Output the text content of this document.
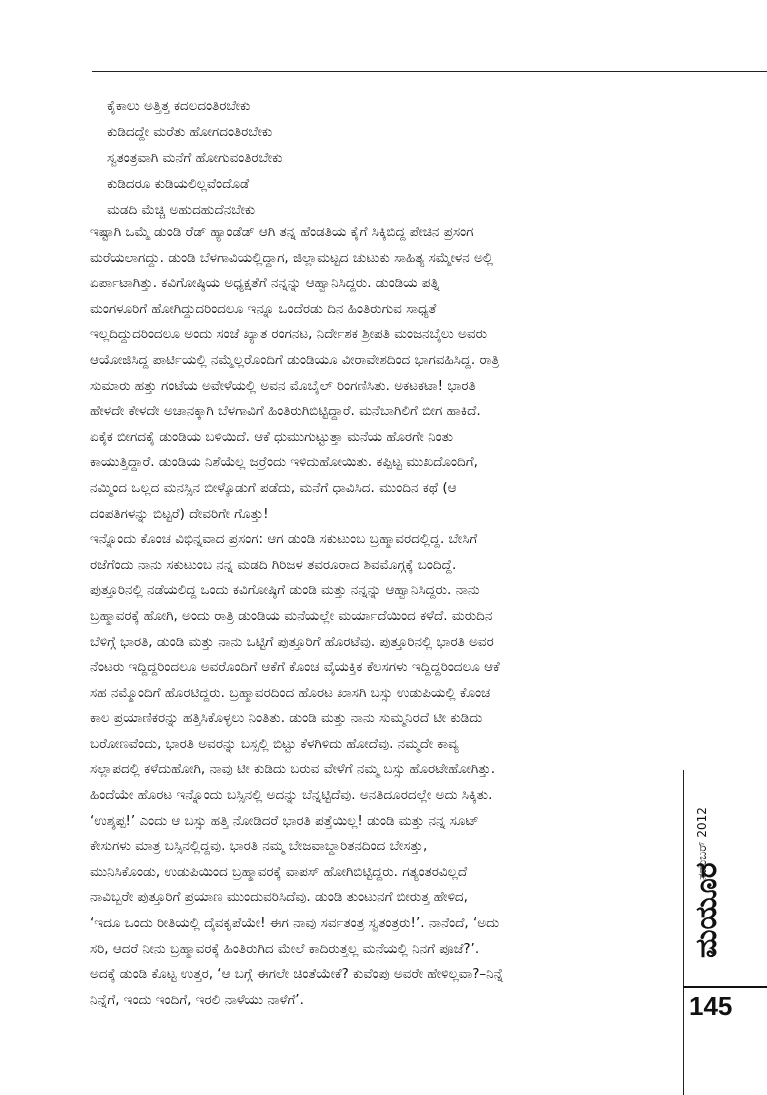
ಕೈಕಾಲು ಅತ್ತಿತ್ತ ಕದಲದಂತಿರಬೇಕು
ಕುಡಿದದ್ದೇ ಮರೆತು ಹೋಗದಂತಿರಬೇಕು
ಸ್ವತಂತ್ರವಾಗಿ ಮನೆಗೆ ಹೋಗುವಂತಿರಬೇಕು
ಕುಡಿದರೂ ಕುಡಿಯಲಿಲ್ಲವೆಂದೊಡೆ
ಮಡದಿ ಮೆಚ್ಚಿ ಅಹುದಹುದೆನಬೇಕು
ಇಷ್ಟಾಗಿ ಒಮ್ಮೆ ಡುಂಡಿ ರೆಡ್ ಹ್ಯಾಂಡೆಡ್ ಆಗಿ ತನ್ನ ಹೆಂಡತಿಯ ಕೈಗೆ ಸಿಕ್ಕಿಬಿದ್ದ ಪೇಚಿನ ಪ್ರಸಂಗ
ಮರೆಯಲಾಗದ್ದು. ಡುಂಡಿ ಬೆಳಗಾವಿಯಲ್ಲಿದ್ದಾಗ, ಜಿಲ್ಲಾಮಟ್ಟದ ಚುಟುಕು ಸಾಹಿತ್ಯ ಸಮ್ಮೇಳನ ಅಲ್ಲಿ
ಏರ್ಪಾಟಾಗಿತ್ತು. ಕವಿಗೋಷ್ಠಿಯ ಅಧ್ಯಕ್ಷತೆಗೆ ನನ್ನನ್ನು ಆಹ್ವಾನಿಸಿದ್ದರು. ಡುಂಡಿಯ ಪತ್ನಿ
ಮಂಗಳೂರಿಗೆ ಹೋಗಿದ್ದುದರಿಂದಲೂ ಇನ್ನೂ ಒಂದೆರಡು ದಿನ ಹಿಂತಿರುಗುವ ಸಾಧ್ಯತೆ
ಇಲ್ಲದಿದ್ದುದರಿಂದಲೂ ಅಂದು ಸಂಜೆ ಖ್ಯಾತ ರಂಗನಟ, ನಿರ್ದೇಶಕ ಶ್ರೀಪತಿ ಮಂಜನಬೈಲು ಅವರು
ಆಯೋಜಿಸಿದ್ದ ಪಾರ್ಟಿಯಲ್ಲಿ ನಮ್ಮೆಲ್ಲರೊಂದಿಗೆ ಡುಂಡಿಯೂ ವೀರಾವೇಶದಿಂದ ಭಾಗವಹಿಸಿದ್ದ. ರಾತ್ರಿ
ಸುಮಾರು ಹತ್ತು ಗಂಟೆಯ ಅವೇಳೆಯಲ್ಲಿ ಅವನ ಮೊಬೈಲ್ ರಿಂಗಣಿಸಿತು. ಅಕಟಕಟಾ! ಭಾರತಿ
ಹೇಳದೇ ಕೇಳದೇ ಅಚಾನಕ್ಕಾಗಿ ಬೆಳಗಾವಿಗೆ ಹಿಂತಿರುಗಿಬಿಟ್ಟಿದ್ದಾರೆ. ಮನೆಬಾಗಿಲಿಗೆ ಬೀಗ ಹಾಕಿದೆ.
ಏಕೈಕ ಬೀಗದಕೈ ಡುಂಡಿಯ ಬಳಿಯಿದೆ. ಆಕೆ ಧುಮುಗುಟ್ಟುತ್ತಾ ಮನೆಯ ಹೊರಗೇ ನಿಂತು
ಕಾಯುತ್ತಿದ್ದಾರೆ. ಡುಂಡಿಯ ನಿಶೆಯೆಲ್ಲ ಜರ್ರೆಂದು ಇಳಿದುಹೋಯಿತು. ಕಪ್ಪಿಟ್ಟ ಮುಖದೊಂದಿಗೆ,
ನಮ್ಮಿಂದ ಒಲ್ಲದ ಮನಸ್ಸಿನ ಬೀಳ್ಕೊಡುಗೆ ಪಡೆದು, ಮನೆಗೆ ಧಾವಿಸಿದ. ಮುಂದಿನ ಕಥೆ (ಆ
ದಂಪತಿಗಳನ್ನು ಬಿಟ್ಟರೆ) ದೇವರಿಗೇ ಗೊತ್ತು!
ಇನ್ನೊಂದು ಕೊಂಚ ವಿಭಿನ್ನವಾದ ಪ್ರಸಂಗ: ಆಗ ಡುಂಡಿ ಸಕುಟುಂಬ ಬ್ರಹ್ಮಾವರದಲ್ಲಿದ್ದ. ಬೇಸಿಗೆ
ರಜೆಗೆಂದು ನಾನು ಸಕುಟುಂಬ ನನ್ನ ಮಡದಿ ಗಿರಿಜಳ ತವರೂರಾದ ಶಿವಮೊಗ್ಗಕ್ಕೆ ಬಂದಿದ್ದೆ.
ಪುತ್ತೂರಿನಲ್ಲಿ ನಡೆಯಲಿದ್ದ ಒಂದು ಕವಿಗೋಷ್ಠಿಗೆ ಡುಂಡಿ ಮತ್ತು ನನ್ನನ್ನು ಆಹ್ವಾನಿಸಿದ್ದರು. ನಾನು
ಬ್ರಹ್ಮಾವರಕ್ಕೆ ಹೋಗಿ, ಅಂದು ರಾತ್ರಿ ಡುಂಡಿಯ ಮನೆಯಲ್ಲೇ ಮರ್ಯಾದೆಯಿಂದ ಕಳೆದೆ. ಮರುದಿನ
ಬೆಳಿಗ್ಗೆ ಭಾರತಿ, ಡುಂಡಿ ಮತ್ತು ನಾನು ಒಟ್ಟಿಗೆ ಪುತ್ತೂರಿಗೆ ಹೊರಟೆವು. ಪುತ್ತೂರಿನಲ್ಲಿ ಭಾರತಿ ಅವರ
ನೆಂಟರು ಇದ್ದಿದ್ದರಿಂದಲೂ ಅವರೊಂದಿಗೆ ಆಕೆಗೆ ಕೊಂಚ ವೈಯಕ್ತಿಕ ಕೆಲಸಗಳು ಇದ್ದಿದ್ದರಿಂದಲೂ ಆಕೆ
ಸಹ ನಮ್ಮೊಂದಿಗೆ ಹೊರಟಿದ್ದರು. ಬ್ರಹ್ಮಾವರದಿಂದ ಹೊರಟ ಖಾಸಗಿ ಬಸ್ಸು ಉಡುಪಿಯಲ್ಲಿ ಕೊಂಚ
ಕಾಲ ಪ್ರಯಾಣಿಕರನ್ನು ಹತ್ತಿಸಿಕೊಳ್ಳಲು ನಿಂತಿತು. ಡುಂಡಿ ಮತ್ತು ನಾನು ಸುಮ್ಮನಿರದೆ ಟೀ ಕುಡಿದು
ಬರೋಣವೆಂದು, ಭಾರತಿ ಅವರನ್ನು ಬಸ್ಸಲ್ಲಿ ಬಿಟ್ಟು ಕೆಳಗಿಳಿದು ಹೋದೆವು. ನಮ್ಮದೇ ಕಾವ್ಯ
ಸಲ್ಲಾಪದಲ್ಲಿ ಕಳೆದುಹೋಗಿ, ನಾವು ಟೀ ಕುಡಿದು ಬರುವ ವೇಳೆಗೆ ನಮ್ಮ ಬಸ್ಸು ಹೊರಟೇಹೋಗಿತ್ತು.
ಹಿಂದೆಯೇ ಹೊರಟ ಇನ್ನೊಂದು ಬಸ್ಸಿನಲ್ಲಿ ಅದನ್ನು ಬೆನ್ನಟ್ಟಿದೆವು. ಅನತಿದೂರದಲ್ಲೇ ಅದು ಸಿಕ್ಕಿತು.
‘ಉಶ್ಶಪ್ಪ!’ ಎಂದು ಆ ಬಸ್ಸು ಹತ್ತಿ ನೋಡಿದರೆ ಭಾರತಿ ಪತ್ತೆಯಿಲ್ಲ! ಡುಂಡಿ ಮತ್ತು ನನ್ನ ಸೂಟ್
ಕೇಸುಗಳು ಮಾತ್ರ ಬಸ್ಸಿನಲ್ಲಿದ್ದವು. ಭಾರತಿ ನಮ್ಮ ಬೇಜವಾಬ್ದಾರಿತನದಿಂದ ಬೇಸತ್ತು,
ಮುನಿಸಿಕೊಂಡು, ಉಡುಪಿಯಿಂದ ಬ್ರಹ್ಮಾವರಕ್ಕೆ ವಾಪಸ್ ಹೋಗಿಬಿಟ್ಟಿದ್ದರು. ಗತ್ಯಂತರವಿಲ್ಲದೆ
ನಾವಿಬ್ಬರೇ ಪುತ್ತೂರಿಗೆ ಪ್ರಯಾಣ ಮುಂದುವರಿಸಿದೆವು. ಡುಂಡಿ ತುಂಟುನಗೆ ಬೀರುತ್ತ ಹೇಳಿದ,
‘ಇದೂ ಒಂದು ರೀತಿಯಲ್ಲಿ ದೈವಕೃಪೆಯೇ! ಈಗ ನಾವು ಸರ್ವತಂತ್ರ ಸ್ವತಂತ್ರರು!’. ನಾನೆಂದೆ, ‘ಅದು
ಸರಿ, ಆದರೆ ನೀನು ಬ್ರಹ್ಮಾವರಕ್ಕೆ ಹಿಂತಿರುಗಿದ ಮೇಲೆ ಕಾದಿರುತ್ತಲ್ಲ ಮನೆಯಲ್ಲಿ ನಿನಗೆ ಪೂಜೆ?’.
ಅದಕ್ಕೆ ಡುಂಡಿ ಕೊಟ್ಟ ಉತ್ತರ, ‘ಆ ಬಗ್ಗೆ ಈಗಲೇ ಚಿಂತೆಯೇಕೆ? ಕುವೆಂಪು ಅವರೇ ಹೇಳಿಲ್ಲವಾ?–ನಿನ್ನೆ
ನಿನ್ನೆಗೆ, ಇಂದು ಇಂದಿಗೆ, ಇರಲಿ ನಾಳೆಯು ನಾಳೆಗೆ’.
ಮಯೂರ
ನವೆಂಬರ್ 2012
145
